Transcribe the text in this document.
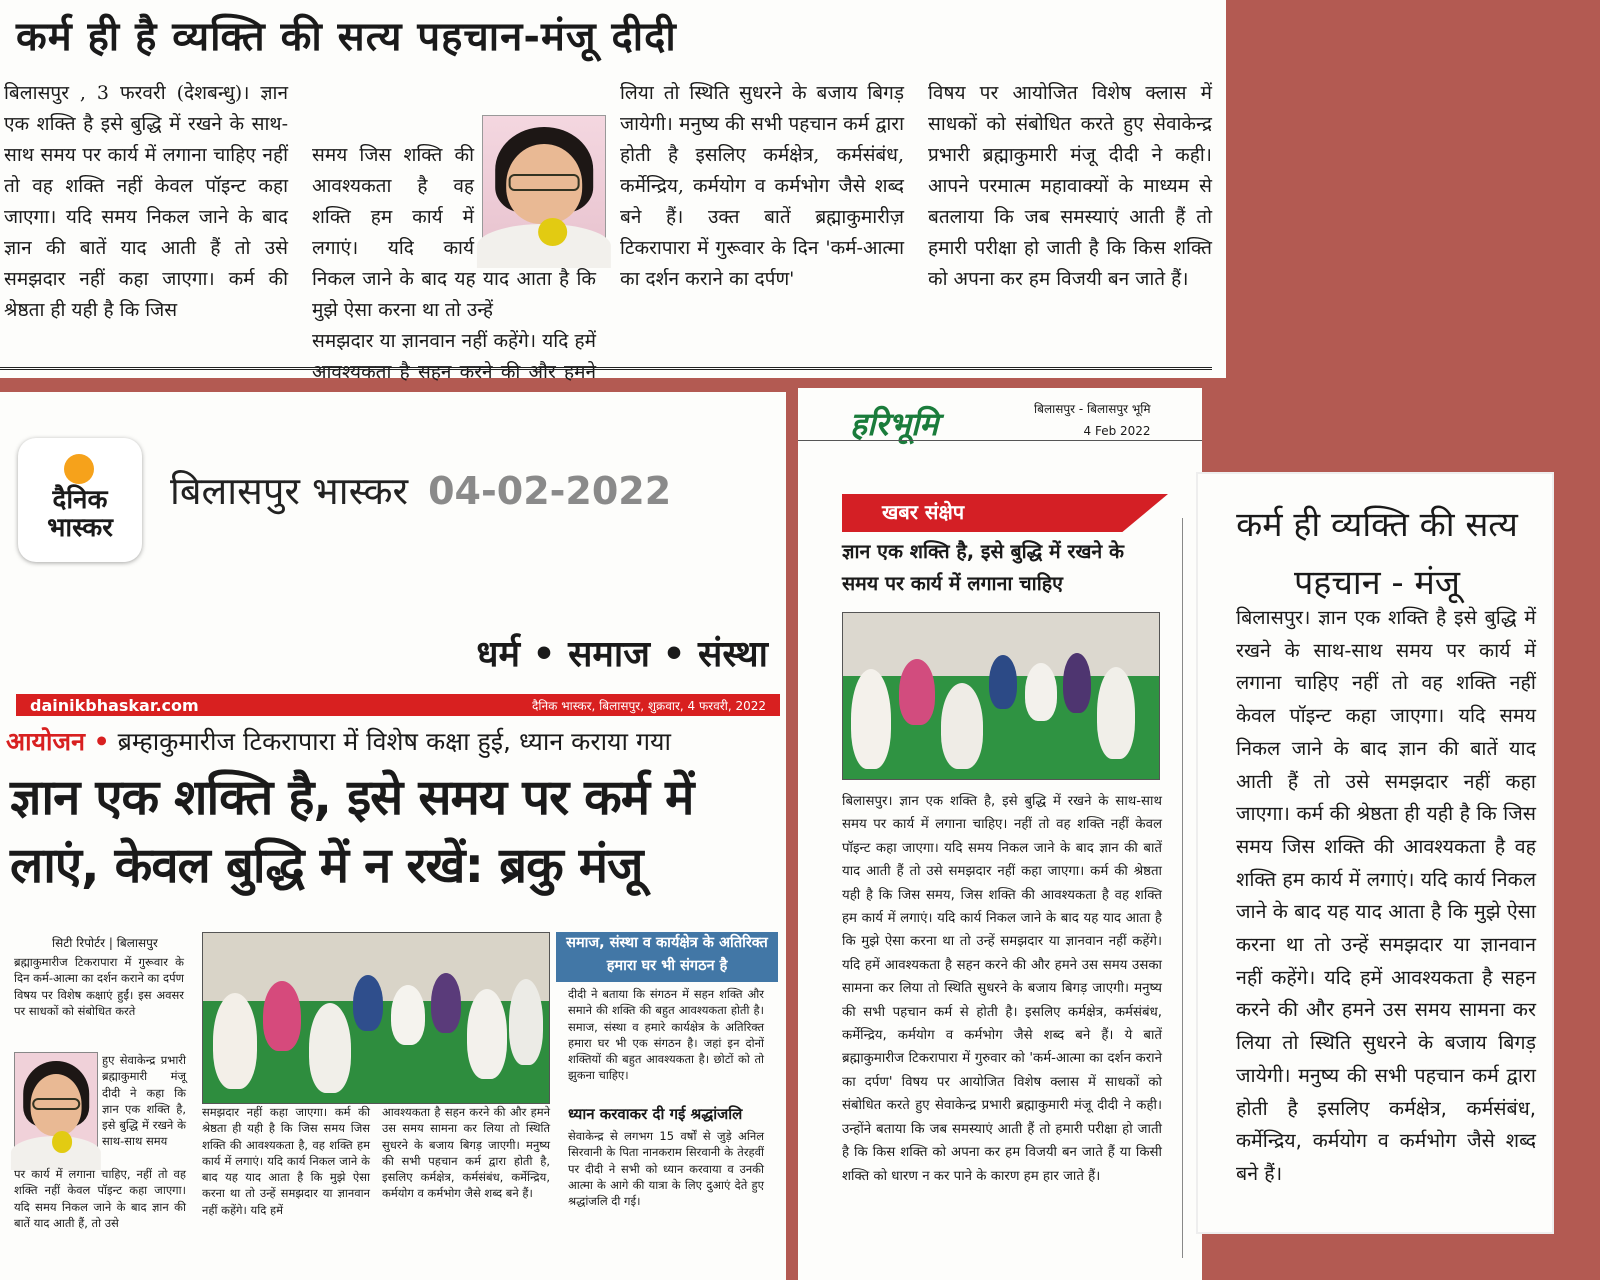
कर्म ही है व्यक्ति की सत्य पहचान-मंजू दीदी
बिलासपुर , 3 फरवरी (देशबन्धु)। ज्ञान एक शक्ति है इसे बुद्धि में रखने के साथ-साथ समय पर कार्य में लगाना चाहिए नहीं तो वह शक्ति नहीं केवल पॉइन्ट कहा जाएगा। यदि समय निकल जाने के बाद ज्ञान की बातें याद आती हैं तो उसे समझदार नहीं कहा जाएगा। कर्म की श्रेष्ठता ही यही है कि जिस

समय जिस शक्ति की आवश्यकता है वह शक्ति हम कार्य में लगाएं। यदि कार्य निकल जाने के बाद यह याद आता है कि मुझे ऐसा करना था तो उन्हें
समझदार या ज्ञानवान नहीं कहेंगे। यदि हमें आवश्यकता है सहन करने की और हमने

लिया तो स्थिति सुधरने के बजाय बिगड़ जायेगी। मनुष्य की सभी पहचान कर्म द्वारा होती है इसलिए कर्मक्षेत्र, कर्मसंबंध, कर्मेन्द्रिय, कर्मयोग व कर्मभोग जैसे शब्द बने हैं। उक्त बातें ब्रह्माकुमारीज़ टिकरापारा में गुरूवार के दिन 'कर्म-आत्मा का दर्शन कराने का दर्पण'
विषय पर आयोजित विशेष क्लास में साधकों को संबोधित करते हुए सेवाकेन्द्र प्रभारी ब्रह्माकुमारी मंजू दीदी ने कही। आपने परमात्म महावाक्यों के माध्यम से बतलाया कि जब समस्याएं आती हैं तो हमारी परीक्षा हो जाती है कि किस शक्ति को अपना कर हम विजयी बन जाते हैं।
दैनिक
भास्कर
बिलासपुर भास्कर 04-02-2022
धर्म • समाज • संस्था
dainikbhaskar.com	दैनिक भास्कर, बिलासपुर, शुक्रवार, 4 फरवरी, 2022
आयोजन • ब्रम्हाकुमारीज टिकरापारा में विशेष कक्षा हुई, ध्यान कराया गया
ज्ञान एक शक्ति है, इसे समय पर कर्म में लाएं, केवल बुद्धि में न रखें: ब्रकु मंजू
सिटी रिपोर्टर | बिलासपुर
ब्रह्माकुमारीज टिकरापारा में गुरूवार के दिन कर्म-आत्मा का दर्शन कराने का दर्पण विषय पर विशेष कक्षाएं हुईं। इस अवसर पर साधकों को संबोधित करते
हुए सेवाकेन्द्र प्रभारी ब्रह्माकुमारी मंजू दीदी ने कहा कि ज्ञान एक शक्ति है, इसे बुद्धि में रखने के साथ-साथ समय
पर कार्य में लगाना चाहिए, नहीं तो वह शक्ति नहीं केवल पॉइन्ट कहा जाएगा। यदि समय निकल जाने के बाद ज्ञान की बातें याद आती हैं, तो उसे
समझदार नहीं कहा जाएगा। कर्म की श्रेष्ठता ही यही है कि जिस समय जिस शक्ति की आवश्यकता है, वह शक्ति हम कार्य में लगाएं। यदि कार्य निकल जाने के बाद यह याद आता है कि मुझे ऐसा करना था तो उन्हें समझदार या ज्ञानवान नहीं कहेंगे। यदि हमें
आवश्यकता है सहन करने की और हमने उस समय सामना कर लिया तो स्थिति सुधरने के बजाय बिगड़ जाएगी। मनुष्य की सभी पहचान कर्म द्वारा होती है, इसलिए कर्मक्षेत्र, कर्मसंबंध, कर्मेन्द्रिय, कर्मयोग व कर्मभोग जैसे शब्द बने हैं।
समाज, संस्था व कार्यक्षेत्र के अतिरिक्त हमारा घर भी संगठन है
दीदी ने बताया कि संगठन में सहन शक्ति और समाने की शक्ति की बहुत आवश्यकता होती है। समाज, संस्था व हमारे कार्यक्षेत्र के अतिरिक्त हमारा घर भी एक संगठन है। जहां इन दोनों शक्तियों की बहुत आवश्यकता है। छोटों को तो झुकना चाहिए।
ध्यान करवाकर दी गई श्रद्धांजलि
सेवाकेन्द्र से लगभग 15 वर्षों से जुड़े अनिल सिरवानी के पिता नानकराम सिरवानी के तेरहवीं पर दीदी ने सभी को ध्यान करवाया व उनकी आत्मा के आगे की यात्रा के लिए दुआएं देते हुए श्रद्धांजलि दी गई।
हरिभूमि	बिलासपुर - बिलासपुर भूमि
4 Feb 2022
खबर संक्षेप
ज्ञान एक शक्ति है, इसे बुद्धि में रखने के समय पर कार्य में लगाना चाहिए
बिलासपुर। ज्ञान एक शक्ति है, इसे बुद्धि में रखने के साथ-साथ समय पर कार्य में लगाना चाहिए। नहीं तो वह शक्ति नहीं केवल पॉइन्ट कहा जाएगा। यदि समय निकल जाने के बाद ज्ञान की बातें याद आती हैं तो उसे समझदार नहीं कहा जाएगा। कर्म की श्रेष्ठता यही है कि जिस समय, जिस शक्ति की आवश्यकता है वह शक्ति हम कार्य में लगाएं। यदि कार्य निकल जाने के बाद यह याद आता है कि मुझे ऐसा करना था तो उन्हें समझदार या ज्ञानवान नहीं कहेंगे। यदि हमें आवश्यकता है सहन करने की और हमने उस समय उसका सामना कर लिया तो स्थिति सुधरने के बजाय बिगड़ जाएगी। मनुष्य की सभी पहचान कर्म से होती है। इसलिए कर्मक्षेत्र, कर्मसंबंध, कर्मेन्द्रिय, कर्मयोग व कर्मभोग जैसे शब्द बने हैं। ये बातें ब्रह्माकुमारीज टिकरापारा में गुरुवार को 'कर्म-आत्मा का दर्शन कराने का दर्पण' विषय पर आयोजित विशेष क्लास में साधकों को संबोधित करते हुए सेवाकेन्द्र प्रभारी ब्रह्माकुमारी मंजू दीदी ने कही। उन्होंने बताया कि जब समस्याएं आती हैं तो हमारी परीक्षा हो जाती है कि किस शक्ति को अपना कर हम विजयी बन जाते हैं या किसी शक्ति को धारण न कर पाने के कारण हम हार जाते हैं।
कर्म ही व्यक्ति की सत्य पहचान - मंजू
बिलासपुर। ज्ञान एक शक्ति है इसे बुद्धि में रखने के साथ-साथ समय पर कार्य में लगाना चाहिए नहीं तो वह शक्ति नहीं केवल पॉइन्ट कहा जाएगा। यदि समय निकल जाने के बाद ज्ञान की बातें याद आती हैं तो उसे समझदार नहीं कहा जाएगा। कर्म की श्रेष्ठता ही यही है कि जिस समय जिस शक्ति की आवश्यकता है वह शक्ति हम कार्य में लगाएं। यदि कार्य निकल जाने के बाद यह याद आता है कि मुझे ऐसा करना था तो उन्हें समझदार या ज्ञानवान नहीं कहेंगे। यदि हमें आवश्यकता है सहन करने की और हमने उस समय सामना कर लिया तो स्थिति सुधरने के बजाय बिगड़ जायेगी। मनुष्य की सभी पहचान कर्म द्वारा होती है इसलिए कर्मक्षेत्र, कर्मसंबंध, कर्मेन्द्रिय, कर्मयोग व कर्मभोग जैसे शब्द बने हैं।
